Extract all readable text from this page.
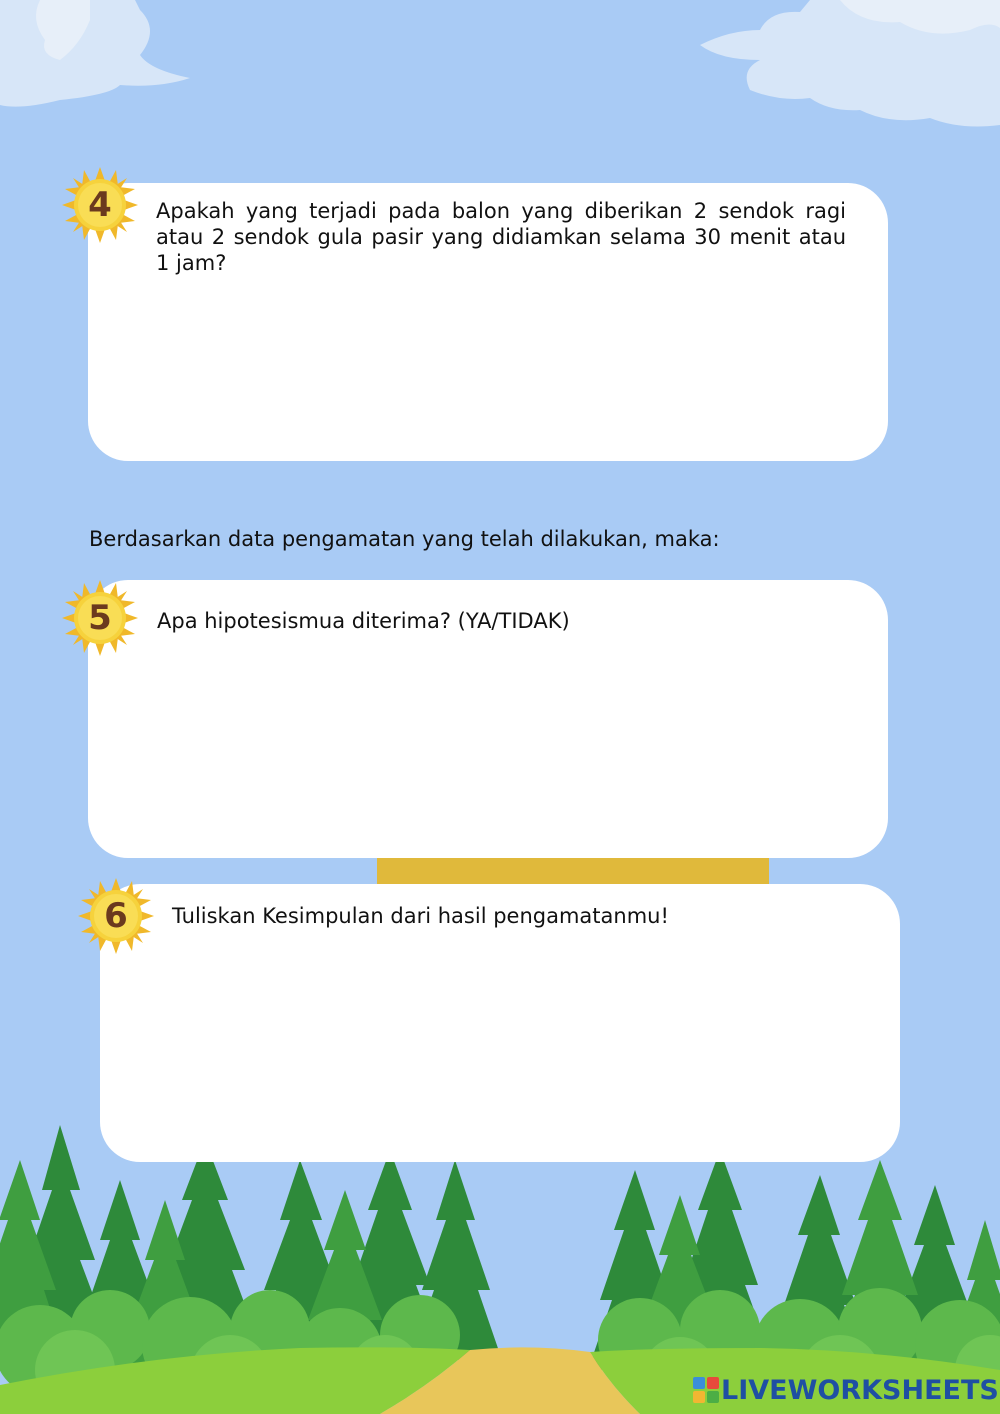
4
5
6
Apakah yang terjadi pada balon yang diberikan 2 sendok ragi atau 2 sendok gula pasir yang didiamkan selama 30 menit atau 1 jam?
Berdasarkan data pengamatan yang telah dilakukan, maka:
Apa hipotesismua diterima? (YA/TIDAK)
Tuliskan Kesimpulan dari hasil pengamatanmu!
LIVEWORKSHEETS
